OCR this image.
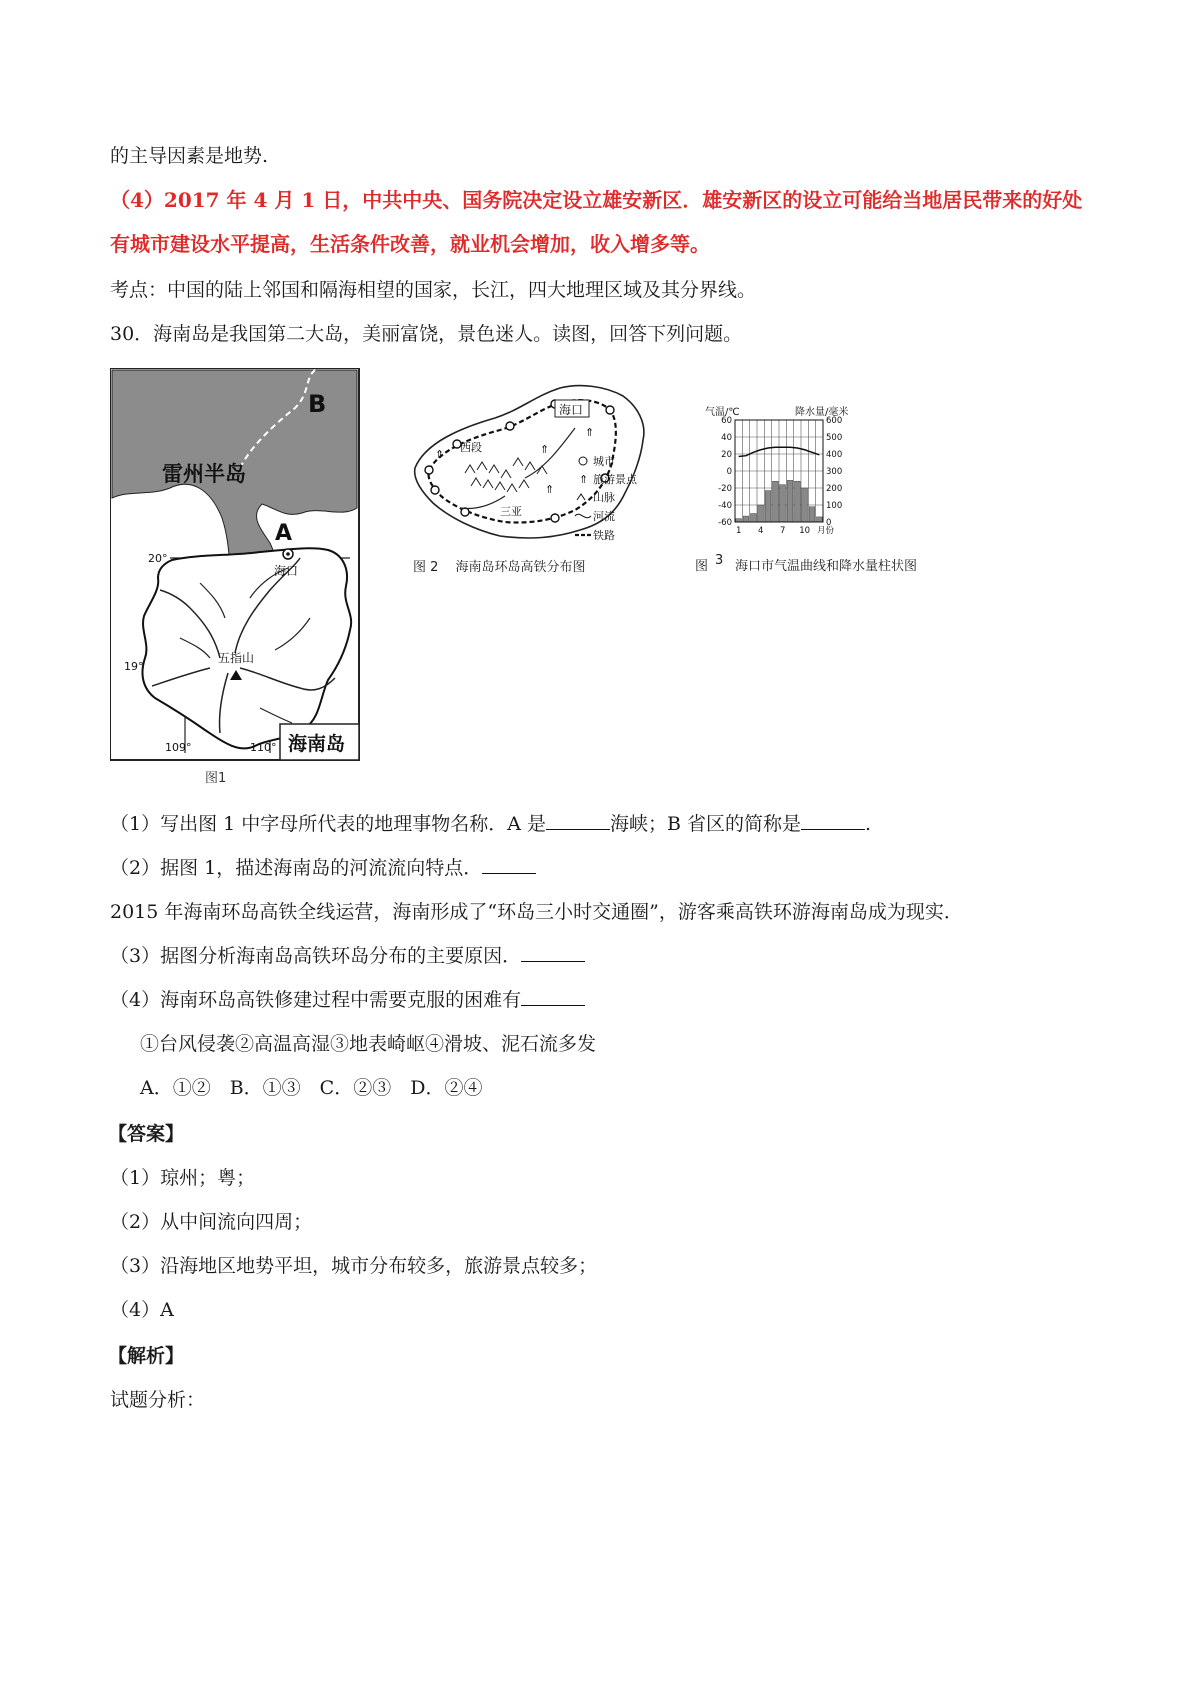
的主导因素是地势.
（4）2017 年 4 月 1 日，中共中央、国务院决定设立雄安新区．雄安新区的设立可能给当地居民带来的好处
有城市建设水平提高，生活条件改善，就业机会增加，收入增多等。
考点：中国的陆上邻国和隔海相望的国家，长江，四大地理区域及其分界线。
30．海南岛是我国第二大岛，美丽富饶，景色迷人。读图，回答下列问题。
B
雷州半岛
A
海口
五指山
20°
19°
109°	110° 海南岛
图1
⇑
⇑
⇑
⇑
海口
西段
三亚
城市
⇑ 旅游景点
山脉
河流
铁路
图 2　 海南岛环岛高铁分布图
气温/℃	降水量/毫米
60
40
20
0
-20
-40
-60
600
500
400
300
200
100
0
1 4 7 10 月份
图 3 海口市气温曲线和降水量柱状图
（1）写出图 1 中字母所代表的地理事物名称．A 是	海峡；B 省区的简称是	.
（2）据图 1，描述海南岛的河流流向特点．
2015 年海南环岛高铁全线运营，海南形成了“环岛三小时交通圈”，游客乘高铁环游海南岛成为现实．
（3）据图分析海南岛高铁环岛分布的主要原因．
（4）海南环岛高铁修建过程中需要克服的困难有
①台风侵袭②高温高湿③地表崎岖④滑坡、泥石流多发
A．①②　B．①③　C．②③　D．②④
【答案】
（1）琼州；粤；
（2）从中间流向四周；
（3）沿海地区地势平坦，城市分布较多，旅游景点较多；
（4）A
【解析】
试题分析：
